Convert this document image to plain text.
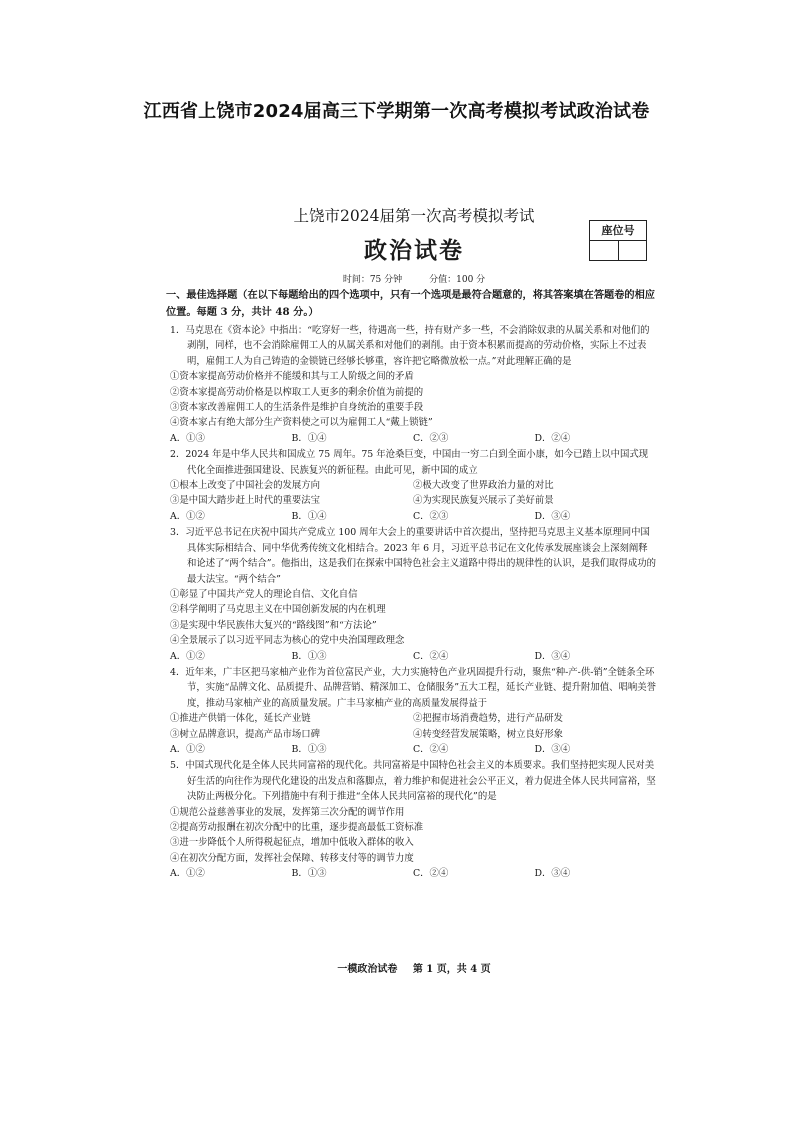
江西省上饶市2024届高三下学期第一次高考模拟考试政治试卷
上饶市2024届第一次高考模拟考试
政治试卷
座位号
时间：75 分钟　　　分值：100 分
一、最佳选择题（在以下每题给出的四个选项中，只有一个选项是最符合题意的，将其答案填在答题卷的相应位置。每题 3 分，共计 48 分。）
1．马克思在《资本论》中指出：“吃穿好一些，待遇高一些，持有财产多一些，不会消除奴隶的从属关系和对他们的剥削，同样，也不会消除雇佣工人的从属关系和对他们的剥削。由于资本积累而提高的劳动价格，实际上不过表明，雇佣工人为自己铸造的金锁链已经够长够重，容许把它略微放松一点。”对此理解正确的是
①资本家提高劳动价格并不能缓和其与工人阶级之间的矛盾
②资本家提高劳动价格是以榨取工人更多的剩余价值为前提的
③资本家改善雇佣工人的生活条件是维护自身统治的重要手段
④资本家占有绝大部分生产资料使之可以为雇佣工人“戴上锁链”
A．①③	B．①④	C．②③	D．②④
2．2024 年是中华人民共和国成立 75 周年。75 年沧桑巨变，中国由一穷二白到全面小康，如今已踏上以中国式现代化全面推进强国建设、民族复兴的新征程。由此可见，新中国的成立
①根本上改变了中国社会的发展方向	②极大改变了世界政治力量的对比
③是中国大踏步赶上时代的重要法宝	④为实现民族复兴展示了美好前景
A．①②	B．①④	C．②③	D．③④
3．习近平总书记在庆祝中国共产党成立 100 周年大会上的重要讲话中首次提出，坚持把马克思主义基本原理同中国具体实际相结合、同中华优秀传统文化相结合。2023 年 6 月，习近平总书记在文化传承发展座谈会上深刻阐释和论述了“两个结合”。他指出，这是我们在探索中国特色社会主义道路中得出的规律性的认识，是我们取得成功的最大法宝。“两个结合”
①彰显了中国共产党人的理论自信、文化自信
②科学阐明了马克思主义在中国创新发展的内在机理
③是实现中华民族伟大复兴的“路线图”和“方法论”
④全景展示了以习近平同志为核心的党中央治国理政理念
A．①②	B．①③	C．②④	D．③④
4．近年来，广丰区把马家柚产业作为首位富民产业，大力实施特色产业巩固提升行动，聚焦“种-产-供-销”全链条全环节，实施“品牌文化、品质提升、品牌营销、精深加工、仓储服务”五大工程，延长产业链、提升附加值、唱响美誉度，推动马家柚产业的高质量发展。广丰马家柚产业的高质量发展得益于
①推进产供销一体化，延长产业链	②把握市场消费趋势，进行产品研发
③树立品牌意识，提高产品市场口碑	④转变经营发展策略，树立良好形象
A．①②	B．①③	C．②④	D．③④
5．中国式现代化是全体人民共同富裕的现代化。共同富裕是中国特色社会主义的本质要求。我们坚持把实现人民对美好生活的向往作为现代化建设的出发点和落脚点，着力维护和促进社会公平正义，着力促进全体人民共同富裕，坚决防止两极分化。下列措施中有利于推进“全体人民共同富裕的现代化”的是
①规范公益慈善事业的发展，发挥第三次分配的调节作用
②提高劳动报酬在初次分配中的比重，逐步提高最低工资标准
③进一步降低个人所得税起征点，增加中低收入群体的收入
④在初次分配方面，发挥社会保障、转移支付等的调节力度
A．①②	B．①③	C．②④	D．③④
一模政治试卷 第 1 页，共 4 页
